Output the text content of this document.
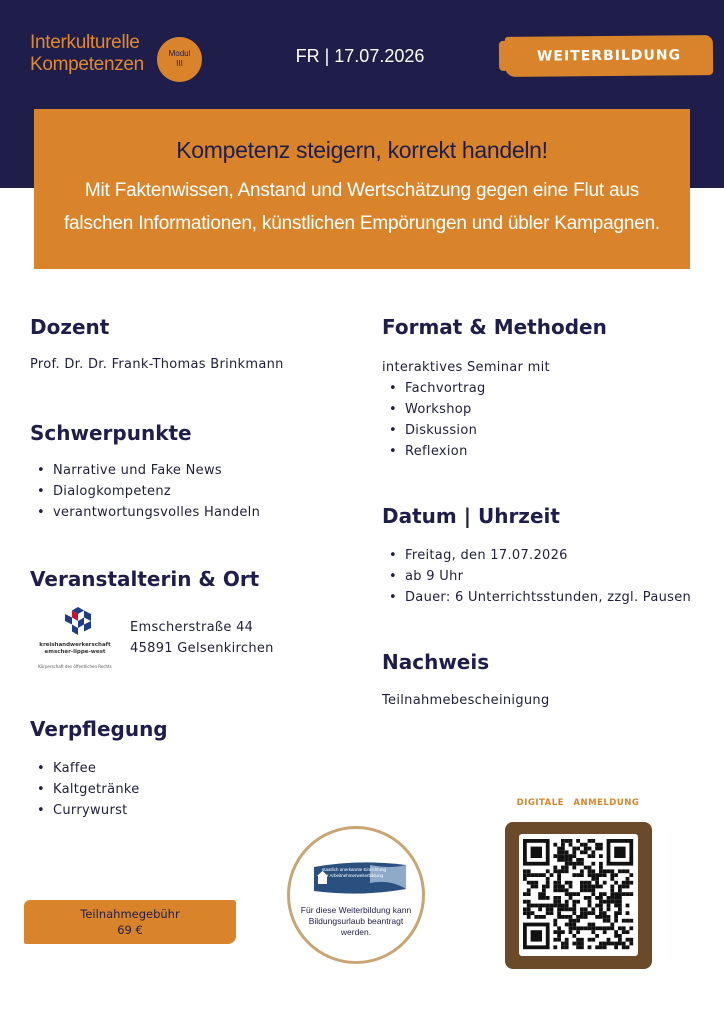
Interkulturelle
Kompetenzen
Modul
III	FR | 17.07.2026	WEITERBILDUNG
Kompetenz steigern, korrekt handeln!
Mit Faktenwissen, Anstand und Wertschätzung gegen eine Flut aus
falschen Informationen, künstlichen Empörungen und übler Kampagnen.
Dozent
Prof. Dr. Dr. Frank-Thomas Brinkmann
Schwerpunkte
• Narrative und Fake News
• Dialogkompetenz
• verantwortungsvolles Handeln
Veranstalterin & Ort
kreishandwerkerschaft
emscher-lippe-west
Körperschaft des öffentlichen Rechts
Emscherstraße 44
45891 Gelsenkirchen
Verpflegung
• Kaffee
• Kaltgetränke
• Currywurst
Format & Methoden
interaktives Seminar mit
• Fachvortrag
• Workshop
• Diskussion
• Reflexion
Datum | Uhrzeit
• Freitag, den 17.07.2026
• ab 9 Uhr
• Dauer: 6 Unterrichtsstunden, zzgl. Pausen
Nachweis
Teilnahmebescheinigung
Teilnahmegebühr
69 €
staatlich anerkannte Einrichtung der Arbeitnehmerweiterbildung
Für diese Weiterbildung kann Bildungsurlaub beantragt werden.
DIGITALE ANMELDUNG
